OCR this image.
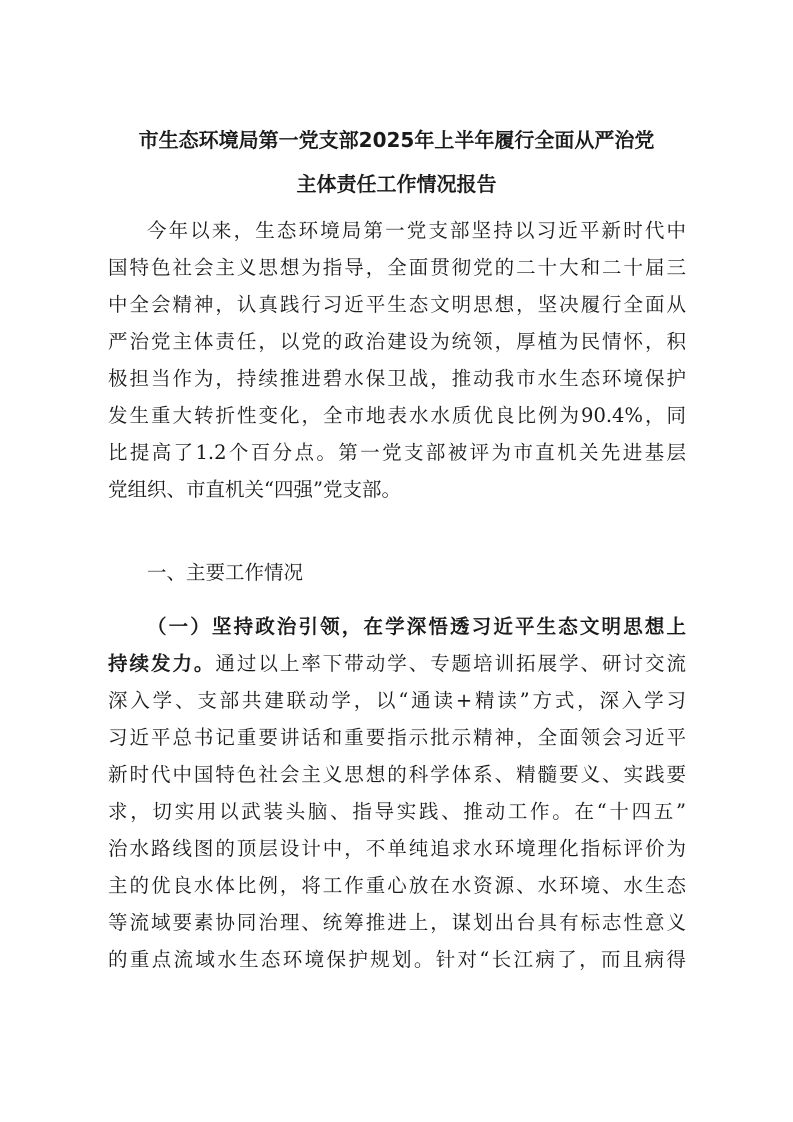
市生态环境局第一党支部2025年上半年履行全面从严治党
主体责任工作情况报告
今年以来，生态环境局第一党支部坚持以习近平新时代中
国特色社会主义思想为指导，全面贯彻党的二十大和二十届三
中全会精神，认真践行习近平生态文明思想，坚决履行全面从
严治党主体责任，以党的政治建设为统领，厚植为民情怀，积
极担当作为，持续推进碧水保卫战，推动我市水生态环境保护
发生重大转折性变化，全市地表水水质优良比例为90.4%，同
比提高了1.2个百分点。第一党支部被评为市直机关先进基层
党组织、市直机关“四强”党支部。
一、主要工作情况
（一）坚持政治引领，在学深悟透习近平生态文明思想上
持续发力。通过以上率下带动学、专题培训拓展学、研讨交流
深入学、支部共建联动学，以“通读+精读”方式，深入学习
习近平总书记重要讲话和重要指示批示精神，全面领会习近平
新时代中国特色社会主义思想的科学体系、精髓要义、实践要
求，切实用以武装头脑、指导实践、推动工作。在“十四五”
治水路线图的顶层设计中，不单纯追求水环境理化指标评价为
主的优良水体比例，将工作重心放在水资源、水环境、水生态
等流域要素协同治理、统筹推进上，谋划出台具有标志性意义
的重点流域水生态环境保护规划。针对“长江病了，而且病得
